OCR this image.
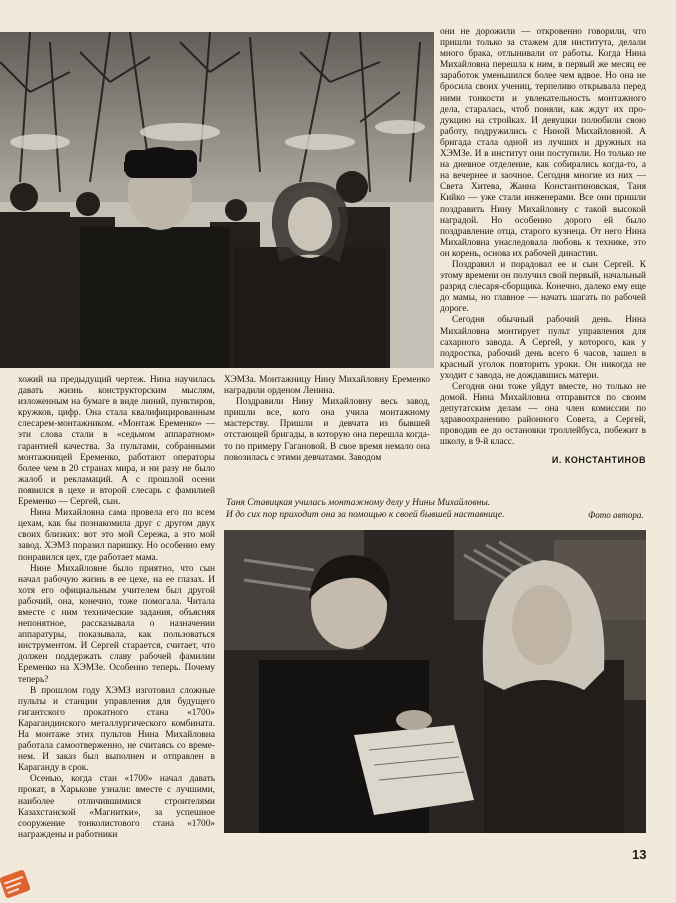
они не дорожили — откровенно говорили, что пришли только за стажем для института, делали много брака, отлынивали от работы. Когда Нина Михайловна перешла к ним, в первый же месяц ее заработок уменьшился более чем вдвое. Но она не бросила своих учениц, терпеливо открывала перед ними тонкости и увлекательность монтажного дела, старалась, чтоб поняли, как ждут их продукцию на стройках. И девушки полюбили свою работу, подружились с Ниной Михайловной. А бригада стала одной из лучших и дружных на ХЭМЗе. И в институт они поступили. Но только не на дневное отделение, как собирались когда-то, а на вечернее и заочное. Сегодня многие из них — Света Хитева, Жанна Константиновская, Таня Кийко — уже стали инженерами. Все они пришли поздравить Нину Михайловну с такой высокой наградой. Но особенно дорого ей было поздравление отца, старого кузнеца. От него Нина Михайловна унаследовала любовь к технике, это он корень, основа их рабочей династии.

Поздравил и порадовал ее и сын Сергей. К этому времени он получил свой первый, начальный разряд слесаря-сборщика. Конечно, далеко ему еще до мамы, но главное — начать шагать по рабочей дороге.

Сегодня обычный рабочий день. Нина Михайловна монтирует пульт управления для сахарного завода. А Сергей, у которого, как у подростка, рабочий день всего 6 часов, зашел в красный уголок повторить уроки. Он никогда не уходит с завода, не дождавшись матери.

Сегодня они тоже уйдут вместе, но только не домой. Нина Михайловна отправится по своим депутатским делам — она член комиссии по здравоохранению районного Совета, а Сергей, проводив ее до остановки троллейбуса, побежит в школу, в 9-й класс.

И. КОНСТАНТИНОВ

хожий на предыдущий чертеж. Нина научилась давать жизнь конструкторским мыслям, изложенным на бумаге в виде линий, пунктиров, кружков, цифр. Она стала квалифицированным слесарем-монтажником. «Монтаж Еременко» — эти слова стали в «седьмом аппаратном» гарантией качества. За пультами, собранными монтажницей Еременко, работают операторы более чем в 20 странах мира, и ни разу не было жалоб и рекламаций. А с прошлой осени появился в цехе и второй слесарь с фамилией Еременко — Сергей, сын.

Нина Михайловна сама провела его по всем цехам, как бы познакомила друг с другом двух своих близких: вот это мой Сережа, а это мой завод. ХЭМЗ поразил паришку. Но особенно ему понравился цех, где работает мама.

Нине Михайловне было приятно, что сын начал рабочую жизнь в ее цехе, на ее глазах. И хотя его официальным учителем был другой рабочий, она, конечно, тоже помогала. Читала вместе с ним технические задания, объясняя непонятное, рассказывала о назначении аппаратуры, показывала, как пользоваться инструментом. И Сергей старается, считает, что должен поддержать славу рабочей фамилии Еременко на ХЭМЗе. Особенно теперь. Почему теперь?

В прошлом году ХЭМЗ изготовил сложные пульты и станции управления для будущего гигантского прокатного стана «1700» Карагандинского металлургического комбината. На монтаже этих пультов Нина Михайловна работала самоотверженно, не считаясь со временем. И заказ был выполнен и отправлен в Караганду в срок.

Осенью, когда стан «1700» начал давать прокат, в Харькове узнали: вместе с лучшими, наиболее отличившимися строителями Казахстанской «Магнитки», за успешное сооружение тонколистового стана «1700» награждены и работники

ХЭМЗа. Монтажницу Нину Михайловну Еременко наградили орденом Ленина.

Поздравили Нину Михайловну весь завод, пришли все, кого она учила монтажному мастерству. Пришли и девчата из бывшей отстающей бригады, в которую она перешла когда-то по примеру Гагановой. В свое время немало она повозилась с этими девчатами. Заводом

Таня Ставицкая училась монтажному делу у Нины Михайловны.
И до сих пор приходит она за помощью к своей бывшей наставнице.	Фото автора.
13
